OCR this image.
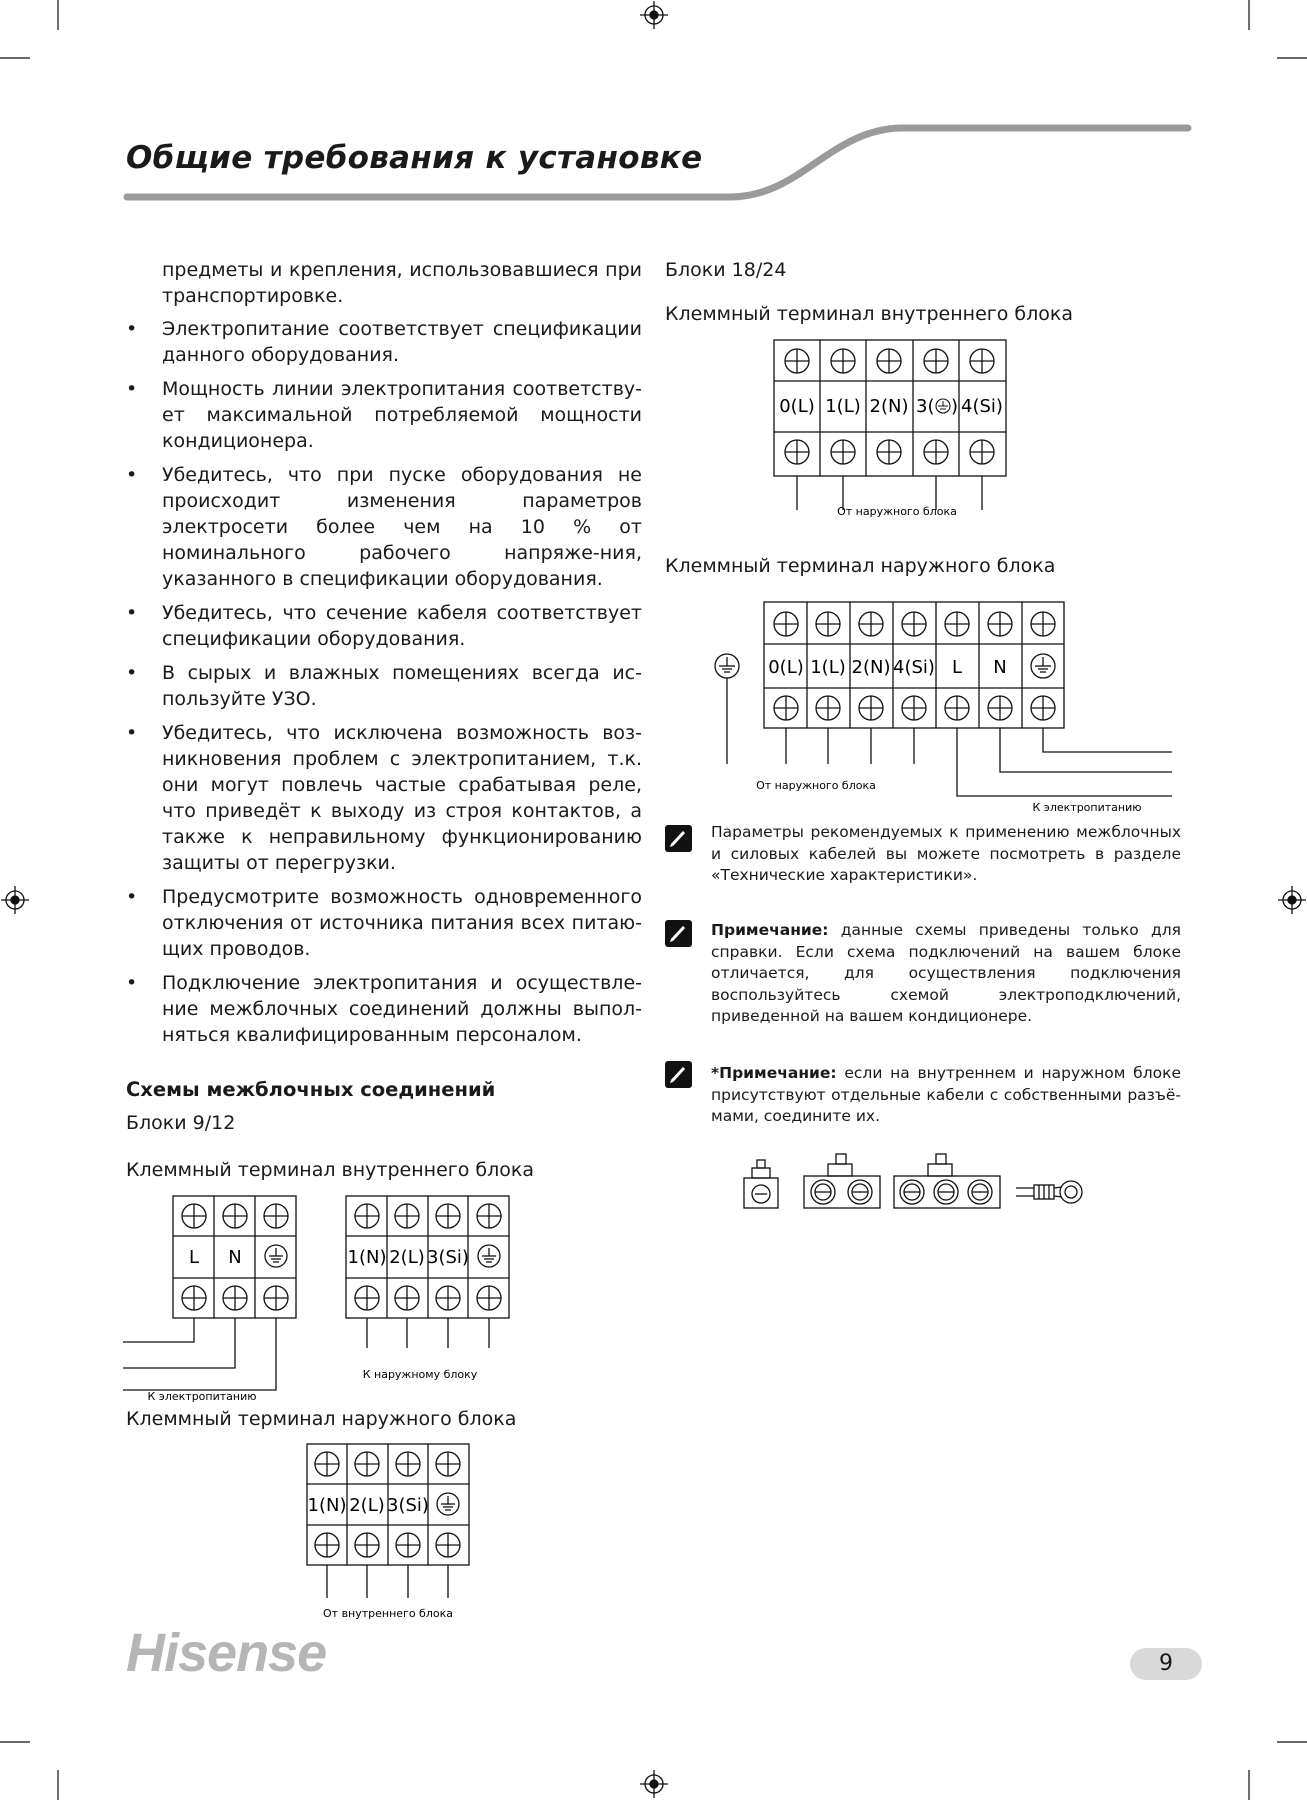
Общие требования к установке
предметы и крепления, использовавшиеся при транспортировке.
• Электропитание соответствует спецификации данного оборудования.
• Мощность линии электропитания соответству-ет максимальной потребляемой мощности кондиционера.
• Убедитесь, что при пуске оборудования не происходит изменения параметров электросети более чем на 10 % от номинального рабочего напряже-ния, указанного в спецификации оборудования.
• Убедитесь, что сечение кабеля соответствует спецификации оборудования.
• В сырых и влажных помещениях всегда ис-пользуйте УЗО.
• Убедитесь, что исключена возможность воз-никновения проблем с электропитанием, т.к. они могут повлечь частые срабатывая реле, что приведёт к выходу из строя контактов, а также к неправильному функционированию защиты от перегрузки.
• Предусмотрите возможность одновременного отключения от источника питания всех питаю-щих проводов.
• Подключение электропитания и осуществле-ние межблочных соединений должны выпол-няться квалифицированным персоналом.
Схемы межблочных соединений
Блоки 9/12
Клеммный терминал внутреннего блока
L N	1(N) 2(L) 3(Si)
К наружному блоку
К электропитанию
Клеммный терминал наружного блока
1(N) 2(L) 3(Si)
От внутреннего блока
Блоки 18/24
Клеммный терминал внутреннего блока
0(L) 1(L) 2(N) 3( ) 4(Si)
От наружного блока
Клеммный терминал наружного блока
0(L) 1(L) 2(N) 4(Si) L N
От наружного блока
К электропитанию
Параметры рекомендуемых к применению межблочных и силовых кабелей вы можете посмотреть в разделе «Технические характеристики».
Примечание: данные схемы приведены только для справки. Если схема подключений на вашем блоке отличается, для осуществления подключения воспользуйтесь схемой электроподключений, приведенной на вашем кондиционере.
*Примечание: если на внутреннем и наружном блоке присутствуют отдельные кабели с собственными разъё-мами, соедините их.
Hisense	9
